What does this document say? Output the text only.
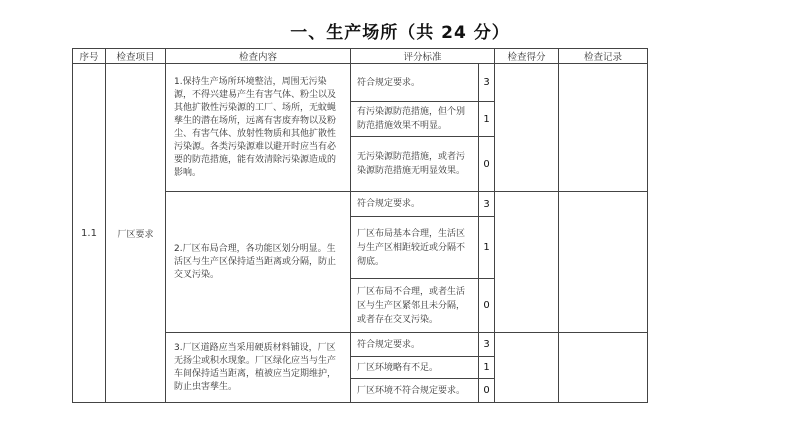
一、生产场所（共 24 分）
序号	检查项目	检查内容	评分标准		检查得分	检查记录
1.1	厂区要求	1.保持生产场所环境整洁，周围无污染源，不得兴建易产生有害气体、粉尘以及其他扩散性污染源的工厂、场所，无蚊蝇孳生的潜在场所，远离有害废弃物以及粉尘、有害气体、放射性物质和其他扩散性污染源。各类污染源难以避开时应当有必要的防范措施，能有效清除污染源造成的影响。	符合规定要求。	3		
			有污染源防范措施，但个别防范措施效果不明显。	1		
			无污染源防范措施，或者污染源防范措施无明显效果。	0		
		2.厂区布局合理，各功能区划分明显。生活区与生产区保持适当距离或分隔，防止交叉污染。	符合规定要求。	3		
			厂区布局基本合理，生活区与生产区相距较近或分隔不彻底。	1		
			厂区布局不合理，或者生活区与生产区紧邻且未分隔，或者存在交叉污染。	0		
		3.厂区道路应当采用硬质材料铺设，厂区无扬尘或积水现象。厂区绿化应当与生产车间保持适当距离，植被应当定期维护，防止虫害孳生。	符合规定要求。	3		
			厂区环境略有不足。	1		
			厂区环境不符合规定要求。	0		
